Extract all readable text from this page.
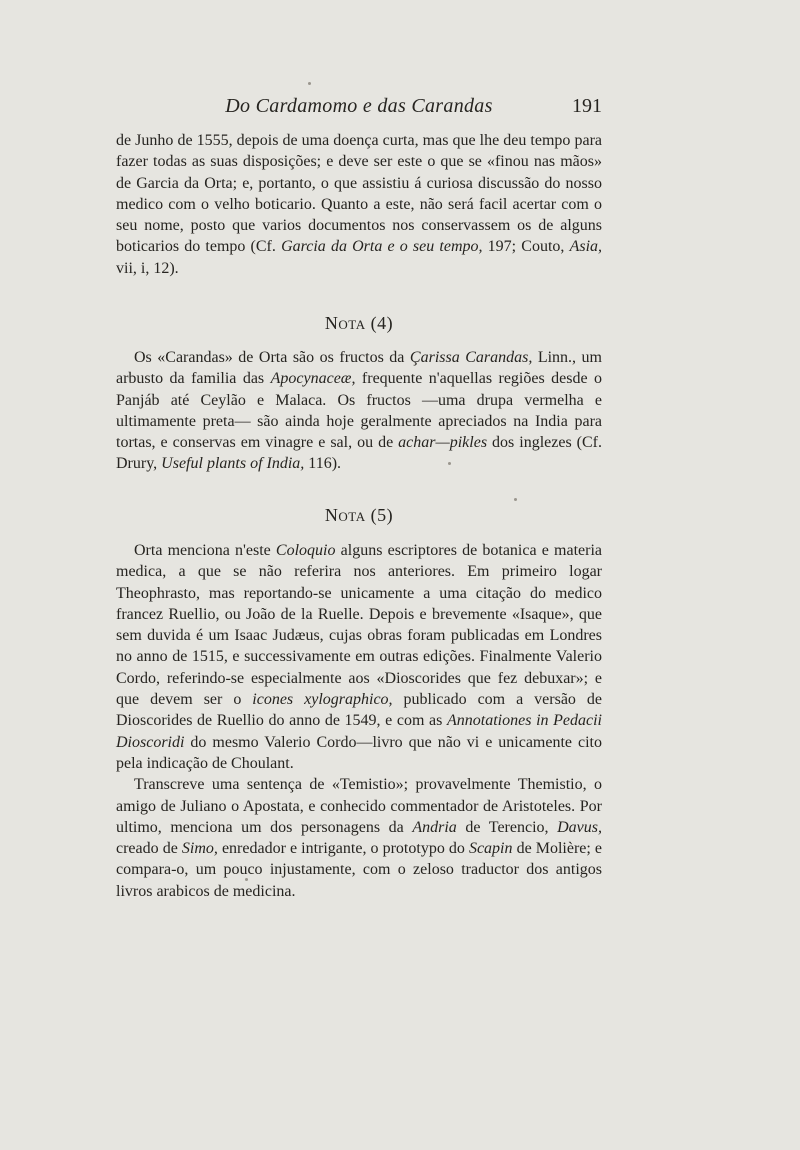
Do Cardamomo e das Carandas	191

de Junho de 1555, depois de uma doença curta, mas que lhe deu tempo para fazer todas as suas disposições; e deve ser este o que se «finou nas mãos» de Garcia da Orta; e, portanto, o que assistiu á curiosa discussão do nosso medico com o velho boticario. Quanto a este, não será facil acertar com o seu nome, posto que varios documentos nos conservassem os de alguns boticarios do tempo (Cf. Garcia da Orta e o seu tempo, 197; Couto, Asia, vii, i, 12).

Nota (4)

Os «Carandas» de Orta são os fructos da Çarissa Carandas, Linn., um arbusto da familia das Apocynaceæ, frequente n'aquellas regiões desde o Panjáb até Ceylão e Malaca. Os fructos —uma drupa vermelha e ultimamente preta— são ainda hoje geralmente apreciados na India para tortas, e conservas em vinagre e sal, ou de achar—pikles dos inglezes (Cf. Drury, Useful plants of India, 116).

Nota (5)

Orta menciona n'este Coloquio alguns escriptores de botanica e materia medica, a que se não referira nos anteriores. Em primeiro logar Theophrasto, mas reportando-se unicamente a uma citação do medico francez Ruellio, ou João de la Ruelle. Depois e brevemente «Isaque», que sem duvida é um Isaac Judæus, cujas obras foram publicadas em Londres no anno de 1515, e successivamente em outras edições. Finalmente Valerio Cordo, referindo-se especialmente aos «Dioscorides que fez debuxar»; e que devem ser o icones xylographico, publicado com a versão de Dioscorides de Ruellio do anno de 1549, e com as Annotationes in Pedacii Dioscoridi do mesmo Valerio Cordo—livro que não vi e unicamente cito pela indicação de Choulant.

Transcreve uma sentença de «Temistio»; provavelmente Themistio, o amigo de Juliano o Apostata, e conhecido commentador de Aristoteles. Por ultimo, menciona um dos personagens da Andria de Terencio, Davus, creado de Simo, enredador e intrigante, o prototypo do Scapin de Molière; e compara-o, um pouco injustamente, com o zeloso traductor dos antigos livros arabicos de medicina.
